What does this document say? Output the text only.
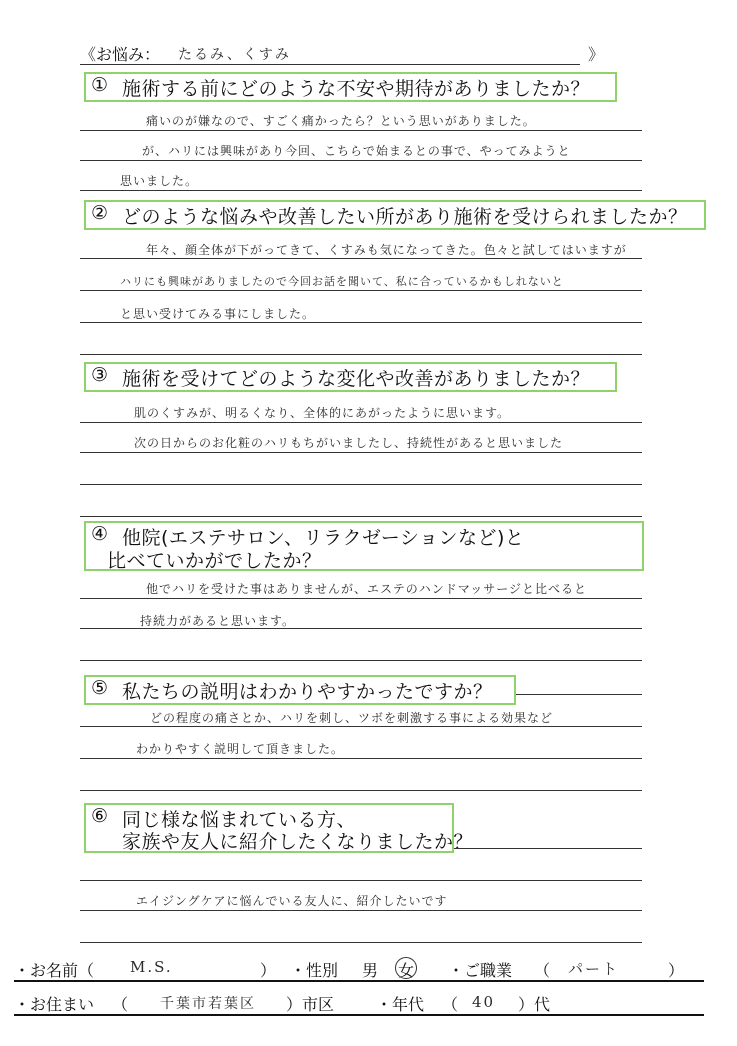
《お悩み： たるみ、くすみ	》
① 施術する前にどのような不安や期待がありましたか？
痛いのが嫌なので、すごく痛かったら？という思いがありました。
が、ハリには興味があり今回、こちらで始まるとの事で、やってみようと
思いました。
② どのような悩みや改善したい所があり施術を受けられましたか？
年々、顔全体が下がってきて、くすみも気になってきた。色々と試してはいますが
ハリにも興味がありましたので今回お話を聞いて、私に合っているかもしれないと
と思い受けてみる事にしました。
③ 施術を受けてどのような変化や改善がありましたか？
肌のくすみが、明るくなり、全体的にあがったように思います。
次の日からのお化粧のハリもちがいましたし、持続性があると思いました
④ 他院(エステサロン、リラクゼーションなど)と
比べていかがでしたか？
他でハリを受けた事はありませんが、エステのハンドマッサージと比べると
持続力があると思います。
⑤ 私たちの説明はわかりやすかったですか？
どの程度の痛さとか、ハリを刺し、ツボを刺激する事による効果など
わかりやすく説明して頂きました。
⑥ 同じ様な悩まれている方、
家族や友人に紹介したくなりましたか？
エイジングケアに悩んでいる友人に、紹介したいです
・お名前（ M.S.	） ・性別 男 女 ・ご職業 （ パート	）
・お住まい （ 千葉市若葉区 ）市区	・年代 （ 40 ）代
